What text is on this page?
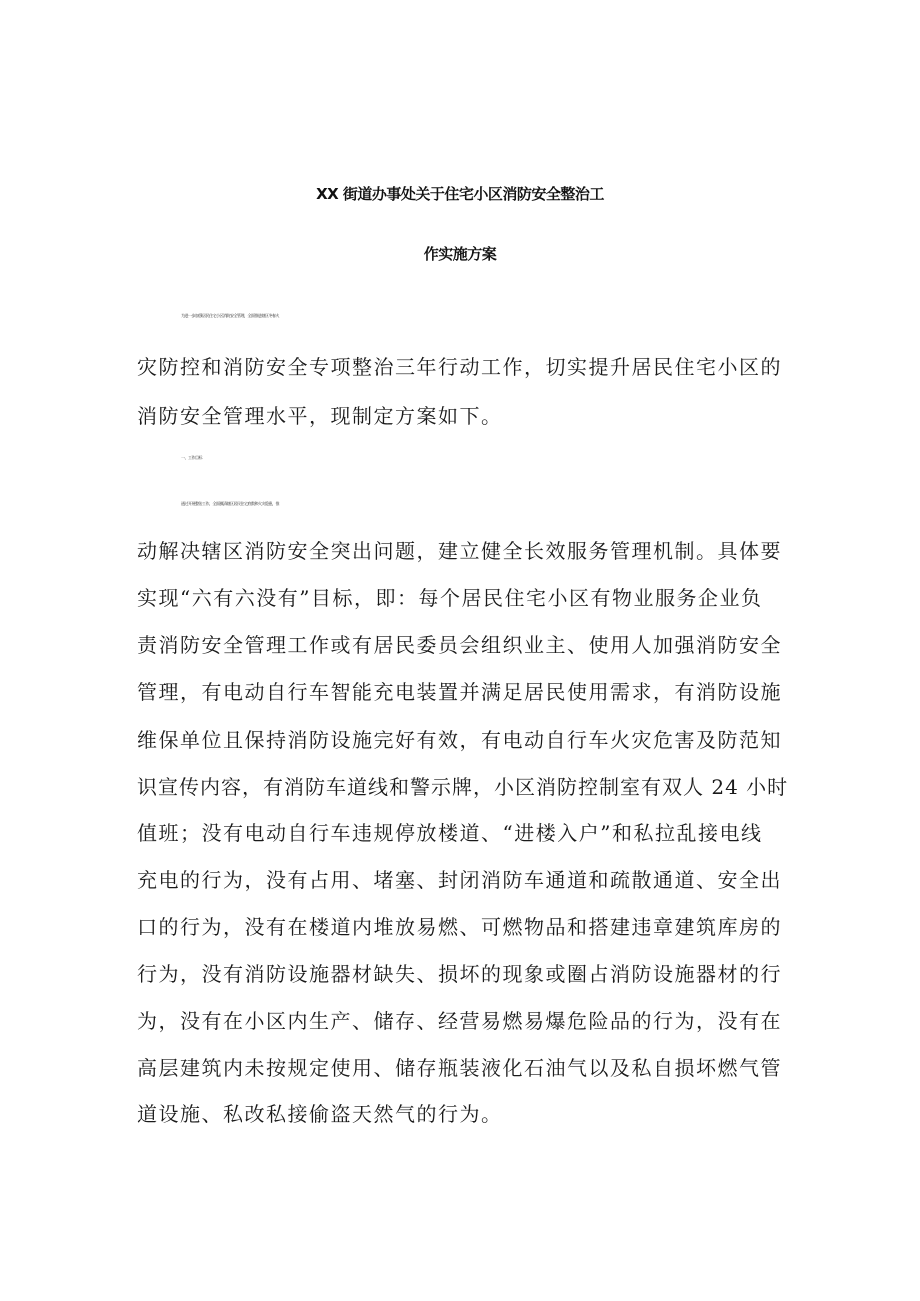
XX 街道办事处关于住宅小区消防安全整治工
作实施方案
为进一步加强居民住宅小区消防安全管理，全面推进辖区冬春火
灾防控和消防安全专项整治三年行动工作，切实提升居民住宅小区的
消防安全管理水平，现制定方案如下。
一、工作目标
通过开展整治工作，全面摸清辖区居民住宅底数和火灾隐患，推
动解决辖区消防安全突出问题，建立健全长效服务管理机制。具体要
实现“六有六没有”目标，即：每个居民住宅小区有物业服务企业负
责消防安全管理工作或有居民委员会组织业主、使用人加强消防安全
管理，有电动自行车智能充电装置并满足居民使用需求，有消防设施
维保单位且保持消防设施完好有效，有电动自行车火灾危害及防范知
识宣传内容，有消防车道线和警示牌，小区消防控制室有双人 24 小时
值班；没有电动自行车违规停放楼道、“进楼入户”和私拉乱接电线
充电的行为，没有占用、堵塞、封闭消防车通道和疏散通道、安全出
口的行为，没有在楼道内堆放易燃、可燃物品和搭建违章建筑库房的
行为，没有消防设施器材缺失、损坏的现象或圈占消防设施器材的行
为，没有在小区内生产、储存、经营易燃易爆危险品的行为，没有在
高层建筑内未按规定使用、储存瓶装液化石油气以及私自损坏燃气管
道设施、私改私接偷盗天然气的行为。
